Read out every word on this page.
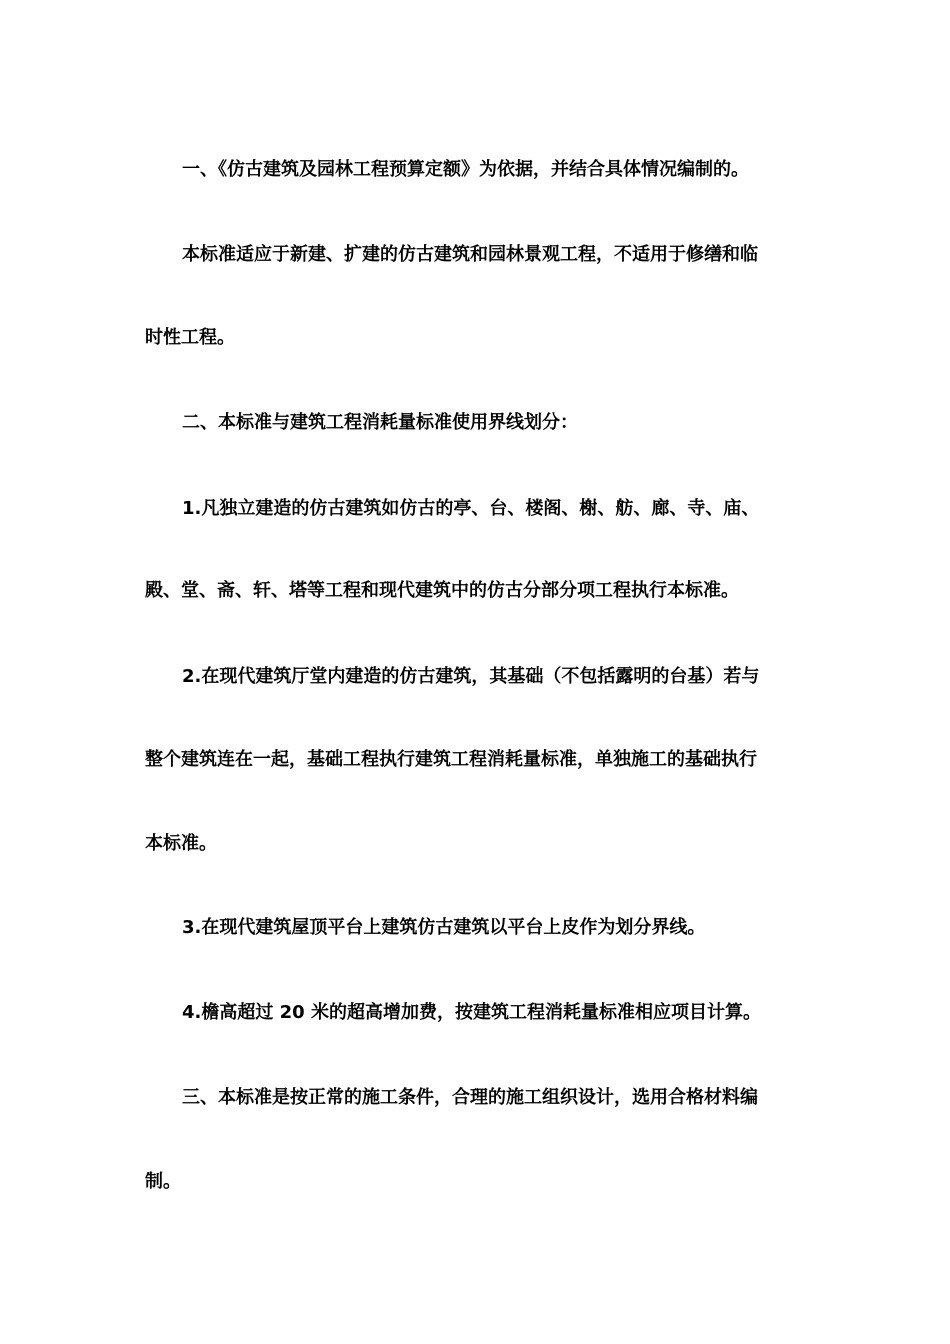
一、《仿古建筑及园林工程预算定额》为依据，并结合具体情况编制的。

本标准适应于新建、扩建的仿古建筑和园林景观工程，不适用于修缮和临

时性工程。

二、本标准与建筑工程消耗量标准使用界线划分：

1.凡独立建造的仿古建筑如仿古的亭、台、楼阁、榭、舫、廊、寺、庙、

殿、堂、斋、轩、塔等工程和现代建筑中的仿古分部分项工程执行本标准。

2.在现代建筑厅堂内建造的仿古建筑，其基础（不包括露明的台基）若与

整个建筑连在一起，基础工程执行建筑工程消耗量标准，单独施工的基础执行

本标准。

3.在现代建筑屋顶平台上建筑仿古建筑以平台上皮作为划分界线。

4.檐高超过 20 米的超高增加费，按建筑工程消耗量标准相应项目计算。

三、本标准是按正常的施工条件，合理的施工组织设计，选用合格材料编

制。
